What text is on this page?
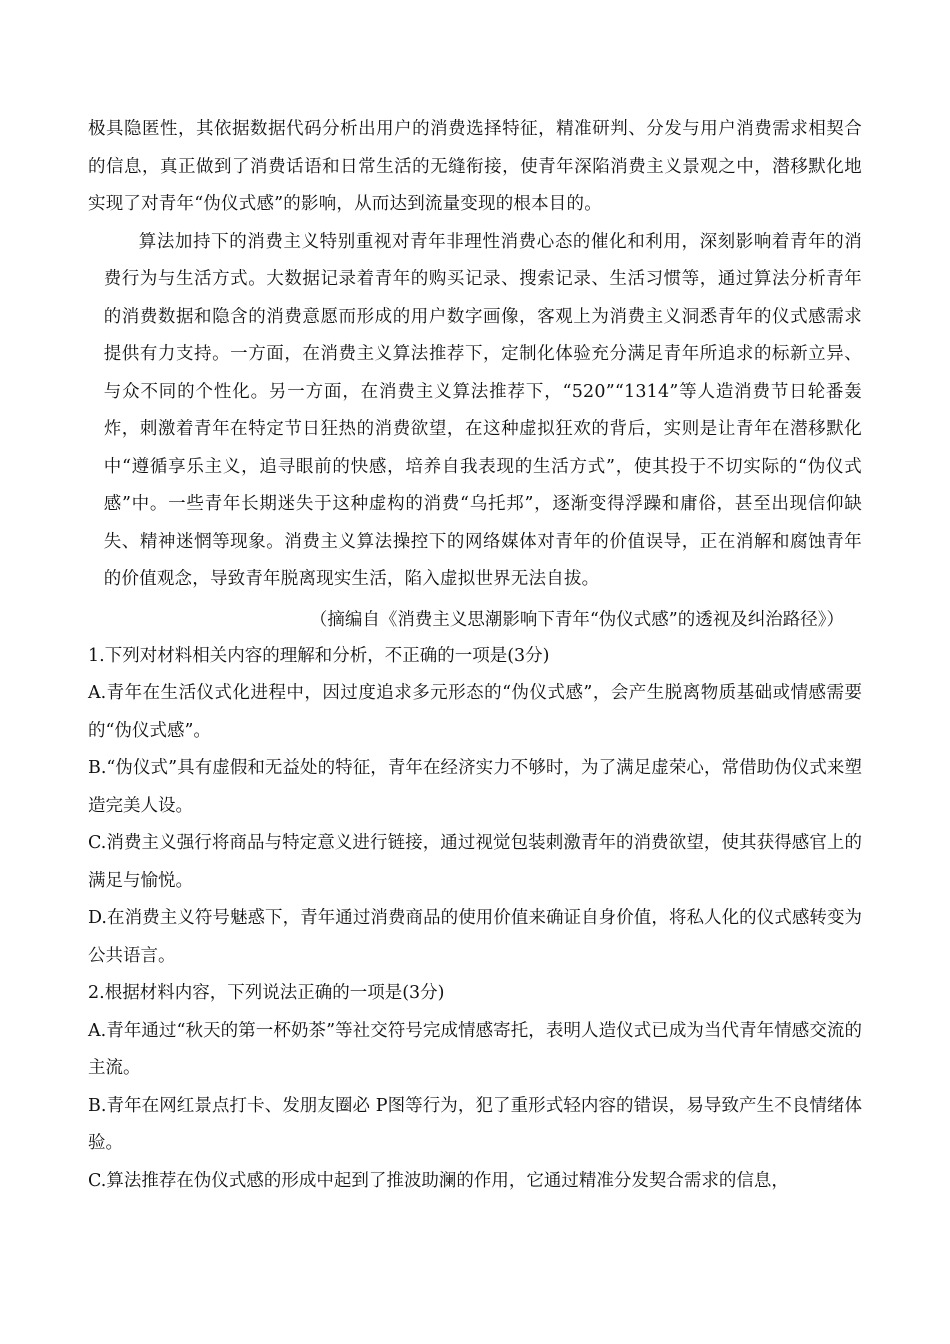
极具隐匿性，其依据数据代码分析出用户的消费选择特征，精准研判、分发与用户消费需求相契合的信息，真正做到了消费话语和日常生活的无缝衔接，使青年深陷消费主义景观之中，潜移默化地实现了对青年“伪仪式感”的影响，从而达到流量变现的根本目的。

算法加持下的消费主义特别重视对青年非理性消费心态的催化和利用，深刻影响着青年的消费行为与生活方式。大数据记录着青年的购买记录、搜索记录、生活习惯等，通过算法分析青年的消费数据和隐含的消费意愿而形成的用户数字画像，客观上为消费主义洞悉青年的仪式感需求提供有力支持。一方面，在消费主义算法推荐下，定制化体验充分满足青年所追求的标新立异、与众不同的个性化。另一方面，在消费主义算法推荐下，“520”“1314”等人造消费节日轮番轰炸，刺激着青年在特定节日狂热的消费欲望，在这种虚拟狂欢的背后，实则是让青年在潜移默化中“遵循享乐主义，追寻眼前的快感，培养自我表现的生活方式”，使其投于不切实际的“伪仪式感”中。一些青年长期迷失于这种虚构的消费“乌托邦”，逐渐变得浮躁和庸俗，甚至出现信仰缺失、精神迷惘等现象。消费主义算法操控下的网络媒体对青年的价值误导，正在消解和腐蚀青年的价值观念，导致青年脱离现实生活，陷入虚拟世界无法自拔。

（摘编自《消费主义思潮影响下青年“伪仪式感”的透视及纠治路径》）

1.下列对材料相关内容的理解和分析，不正确的一项是(3分)

A.青年在生活仪式化进程中，因过度追求多元形态的“伪仪式感”，会产生脱离物质基础或情感需要的“伪仪式感”。

B.“伪仪式”具有虚假和无益处的特征，青年在经济实力不够时，为了满足虚荣心，常借助伪仪式来塑造完美人设。

C.消费主义强行将商品与特定意义进行链接，通过视觉包装刺激青年的消费欲望，使其获得感官上的满足与愉悦。

D.在消费主义符号魅惑下，青年通过消费商品的使用价值来确证自身价值，将私人化的仪式感转变为公共语言。

2.根据材料内容，下列说法正确的一项是(3分)

A.青年通过“秋天的第一杯奶茶”等社交符号完成情感寄托，表明人造仪式已成为当代青年情感交流的主流。

B.青年在网红景点打卡、发朋友圈必 P图等行为，犯了重形式轻内容的错误，易导致产生不良情绪体验。

C.算法推荐在伪仪式感的形成中起到了推波助澜的作用，它通过精准分发契合需求的信息，
